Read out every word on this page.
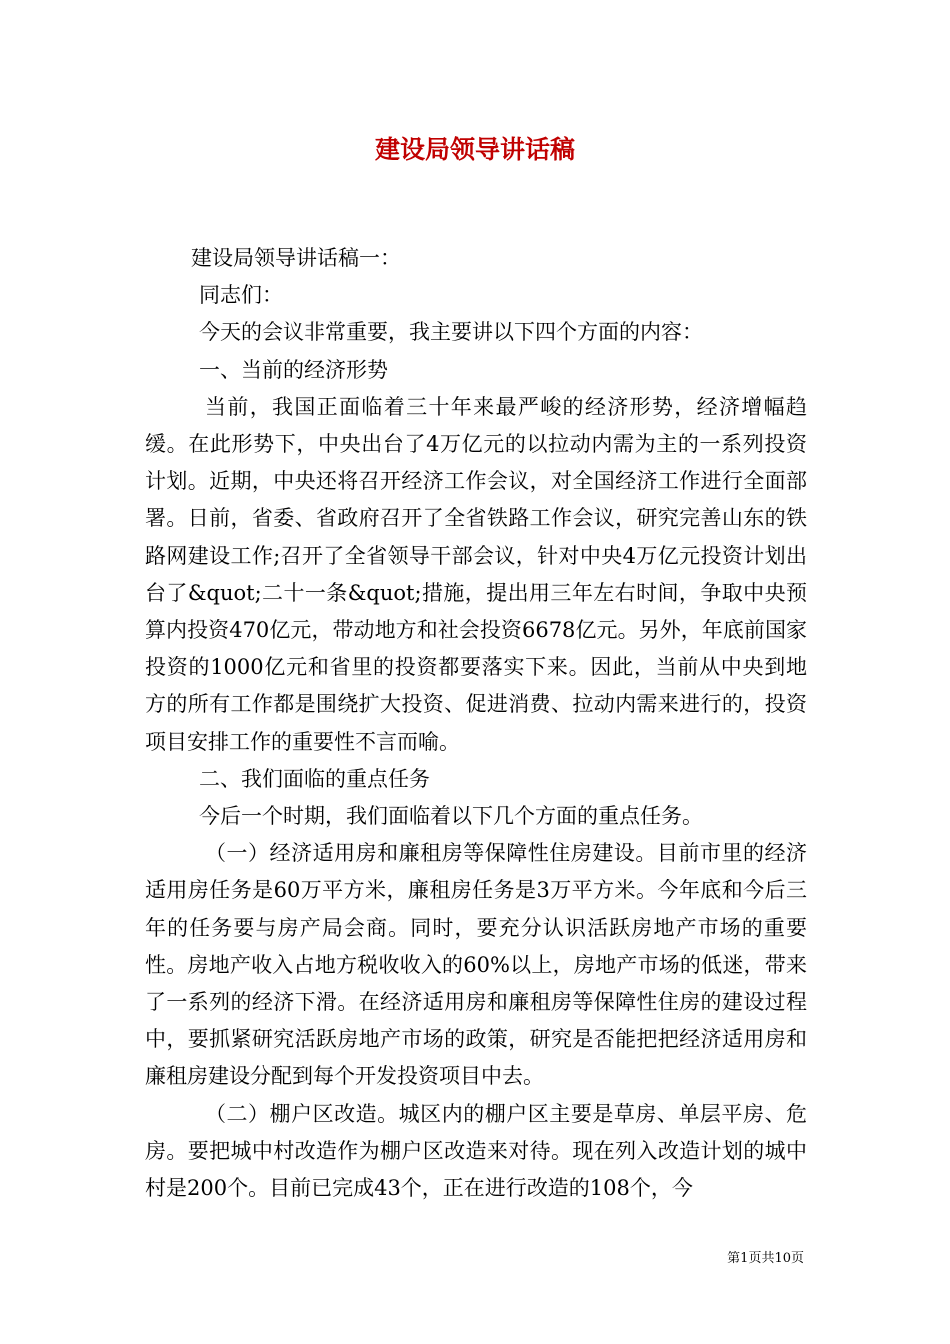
建设局领导讲话稿

建设局领导讲话稿一：

同志们：

今天的会议非常重要，我主要讲以下四个方面的内容：

一、当前的经济形势

当前，我国正面临着三十年来最严峻的经济形势，经济增幅趋缓。在此形势下，中央出台了4万亿元的以拉动内需为主的一系列投资计划。近期，中央还将召开经济工作会议，对全国经济工作进行全面部署。日前，省委、省政府召开了全省铁路工作会议，研究完善山东的铁路网建设工作;召开了全省领导干部会议，针对中央4万亿元投资计划出台了&quot;二十一条&quot;措施，提出用三年左右时间，争取中央预算内投资470亿元，带动地方和社会投资6678亿元。另外，年底前国家投资的1000亿元和省里的投资都要落实下来。因此，当前从中央到地方的所有工作都是围绕扩大投资、促进消费、拉动内需来进行的，投资项目安排工作的重要性不言而喻。

二、我们面临的重点任务

今后一个时期，我们面临着以下几个方面的重点任务。

（一）经济适用房和廉租房等保障性住房建设。目前市里的经济适用房任务是60万平方米，廉租房任务是3万平方米。今年底和今后三年的任务要与房产局会商。同时，要充分认识活跃房地产市场的重要性。房地产收入占地方税收收入的60%以上，房地产市场的低迷，带来了一系列的经济下滑。在经济适用房和廉租房等保障性住房的建设过程中，要抓紧研究活跃房地产市场的政策，研究是否能把把经济适用房和廉租房建设分配到每个开发投资项目中去。

（二）棚户区改造。城区内的棚户区主要是草房、单层平房、危房。要把城中村改造作为棚户区改造来对待。现在列入改造计划的城中村是200个。目前已完成43个，正在进行改造的108个，今

第1页共10页
